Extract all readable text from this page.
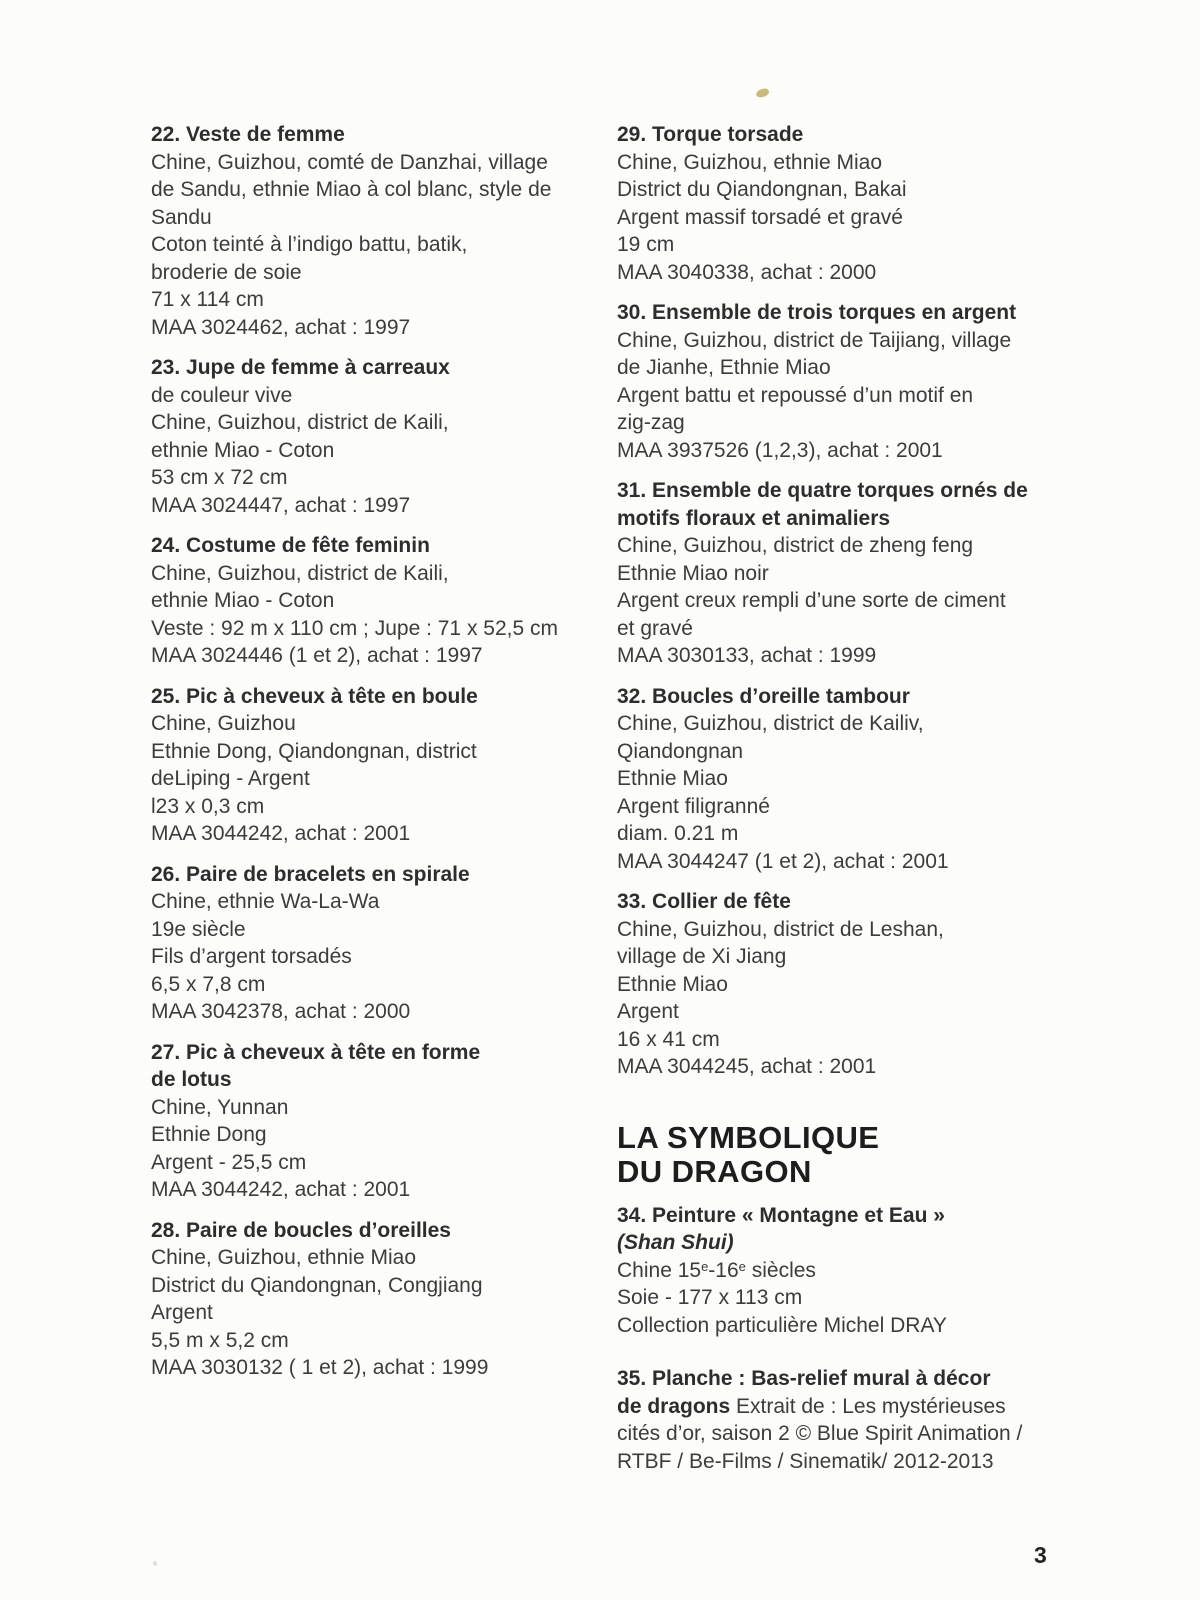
22. Veste de femme
Chine, Guizhou, comté de Danzhai, village
de Sandu, ethnie Miao à col blanc, style de
Sandu
Coton teinté à l’indigo battu, batik,
broderie de soie
71 x 114 cm
MAA 3024462, achat : 1997
23. Jupe de femme à carreaux
de couleur vive
Chine, Guizhou, district de Kaili,
ethnie Miao - Coton
53 cm x 72 cm
MAA 3024447, achat : 1997
24. Costume de fête feminin
Chine, Guizhou, district de Kaili,
ethnie Miao - Coton
Veste : 92 m x 110 cm ; Jupe : 71 x 52,5 cm
MAA 3024446 (1 et 2), achat : 1997
25. Pic à cheveux à tête en boule
Chine, Guizhou
Ethnie Dong, Qiandongnan, district
deLiping - Argent
l23 x 0,3 cm
MAA 3044242, achat : 2001
26. Paire de bracelets en spirale
Chine, ethnie Wa-La-Wa
19e siècle
Fils d’argent torsadés
6,5 x 7,8 cm
MAA 3042378, achat : 2000
27. Pic à cheveux à tête en forme
de lotus
Chine, Yunnan
Ethnie Dong
Argent - 25,5 cm
MAA 3044242, achat : 2001
28. Paire de boucles d’oreilles
Chine, Guizhou, ethnie Miao
District du Qiandongnan, Congjiang
Argent
5,5 m x 5,2 cm
MAA 3030132 ( 1 et 2), achat : 1999
29. Torque torsade
Chine, Guizhou, ethnie Miao
District du Qiandongnan, Bakai
Argent massif torsadé et gravé
19 cm
MAA 3040338, achat : 2000
30. Ensemble de trois torques en argent
Chine, Guizhou, district de Taijiang, village
de Jianhe, Ethnie Miao
Argent battu et repoussé d’un motif en
zig-zag
MAA 3937526 (1,2,3), achat : 2001
31. Ensemble de quatre torques ornés de
motifs floraux et animaliers
Chine, Guizhou, district de zheng feng
Ethnie Miao noir
Argent creux rempli d’une sorte de ciment
et gravé
MAA 3030133, achat : 1999
32. Boucles d’oreille tambour
Chine, Guizhou, district de Kailiv,
Qiandongnan
Ethnie Miao
Argent filigranné
diam. 0.21 m
MAA 3044247 (1 et 2), achat : 2001
33. Collier de fête
Chine, Guizhou, district de Leshan,
village de Xi Jiang
Ethnie Miao
Argent
16 x 41 cm
MAA 3044245, achat : 2001
LA SYMBOLIQUE
DU DRAGON
34. Peinture « Montagne et Eau »
(Shan Shui)
Chine 15e-16e siècles
Soie - 177 x 113 cm
Collection particulière Michel DRAY
35. Planche : Bas-relief mural à décor
de dragons Extrait de : Les mystérieuses
cités d’or, saison 2 © Blue Spirit Animation /
RTBF / Be-Films / Sinematik/ 2012-2013
3
